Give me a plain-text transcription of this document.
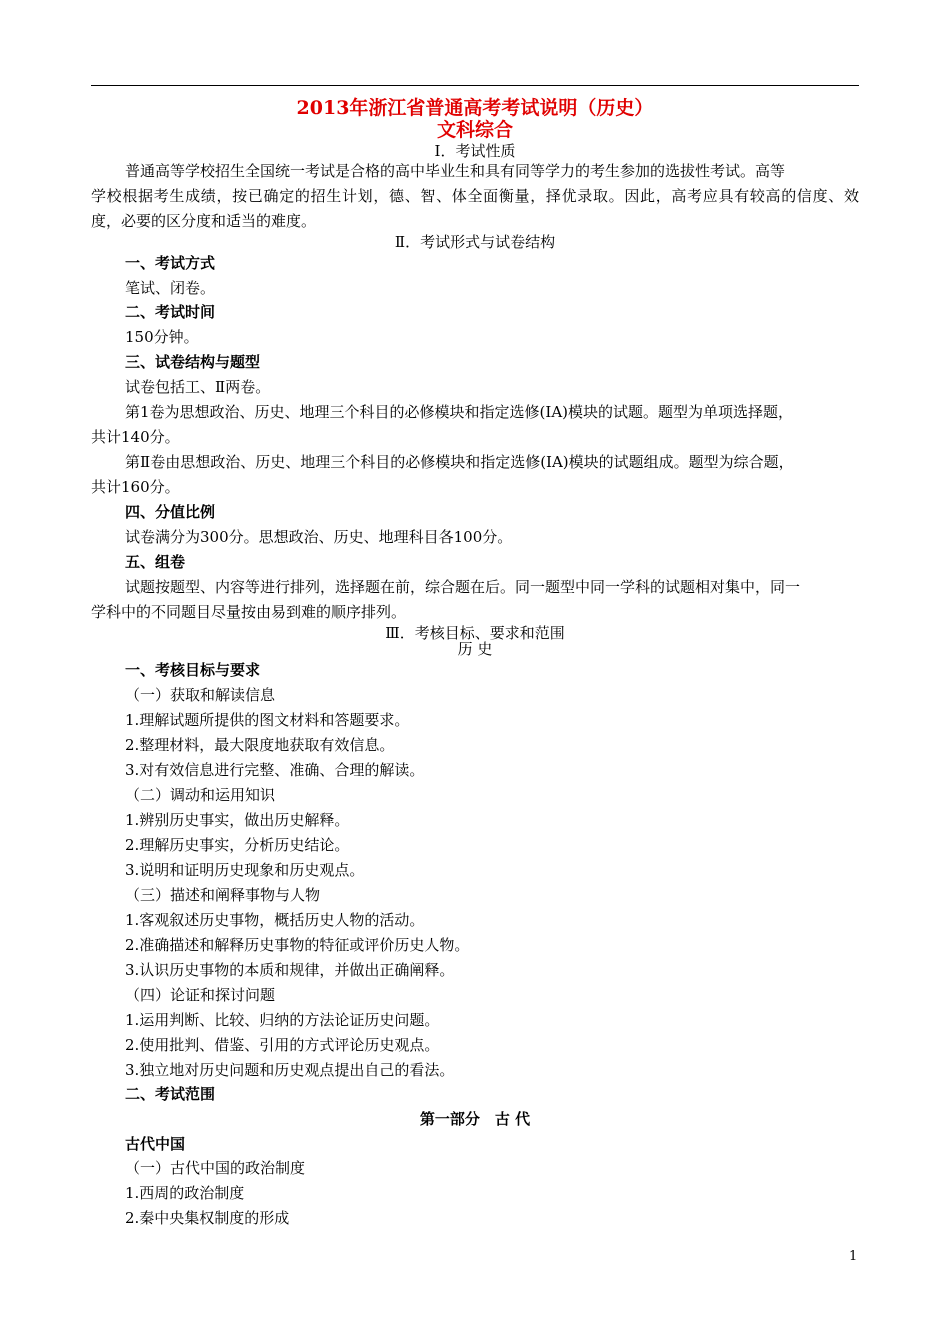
2013年浙江省普通高考考试说明（历史）
文科综合
I．考试性质
普通高等学校招生全国统一考试是合格的高中毕业生和具有同等学力的考生参加的选拔性考试。高等
学校根据考生成绩，按已确定的招生计划，德、智、体全面衡量，择优录取。因此，高考应具有较高的信度、效
度，必要的区分度和适当的难度。
Ⅱ．考试形式与试卷结构
一、考试方式
笔试、闭卷。
二、考试时间
150分钟。
三、试卷结构与题型
试卷包括工、Ⅱ两卷。
第1卷为思想政治、历史、地理三个科目的必修模块和指定选修(IA)模块的试题。题型为单项选择题，
共计140分。
第Ⅱ卷由思想政治、历史、地理三个科目的必修模块和指定选修(IA)模块的试题组成。题型为综合题，
共计160分。
四、分值比例
试卷满分为300分。思想政治、历史、地理科目各100分。
五、组卷
试题按题型、内容等进行排列，选择题在前，综合题在后。同一题型中同一学科的试题相对集中，同一
学科中的不同题目尽量按由易到难的顺序排列。
Ⅲ．考核目标、要求和范围
历 史
一、考核目标与要求
（一）获取和解读信息
1.理解试题所提供的图文材料和答题要求。
2.整理材料，最大限度地获取有效信息。
3.对有效信息进行完整、准确、合理的解读。
（二）调动和运用知识
1.辨别历史事实，做出历史解释。
2.理解历史事实，分析历史结论。
3.说明和证明历史现象和历史观点。
（三）描述和阐释事物与人物
1.客观叙述历史事物，概括历史人物的活动。
2.准确描述和解释历史事物的特征或评价历史人物。
3.认识历史事物的本质和规律，并做出正确阐释。
（四）论证和探讨问题
1.运用判断、比较、归纳的方法论证历史问题。
2.使用批判、借鉴、引用的方式评论历史观点。
3.独立地对历史问题和历史观点提出自己的看法。
二、考试范围
第一部分　古 代
古代中国
（一）古代中国的政治制度
1.西周的政治制度
2.秦中央集权制度的形成
1
